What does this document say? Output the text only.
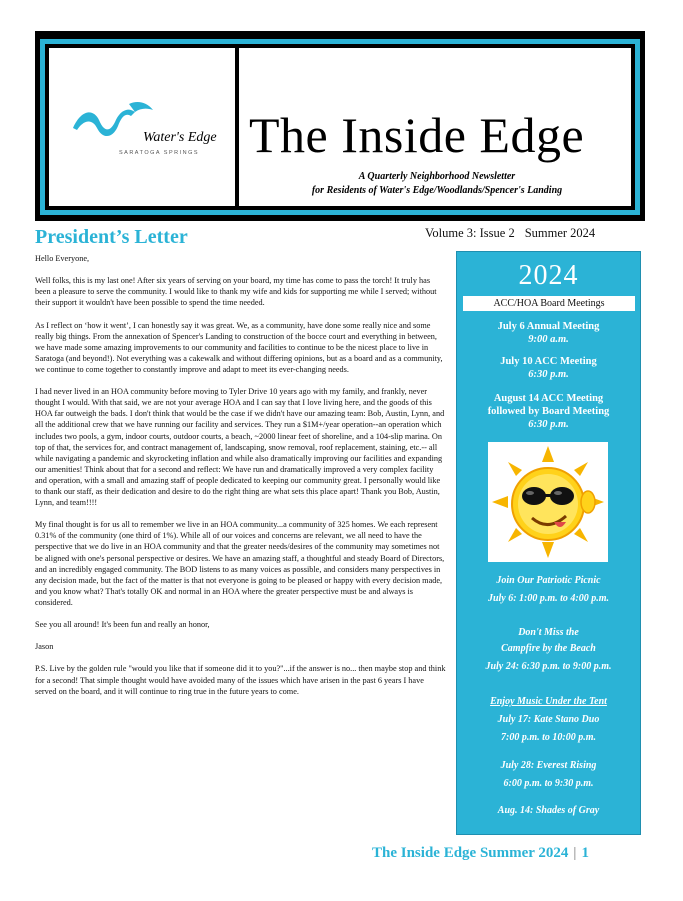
Water's Edge
SARATOGA SPRINGS The Inside Edge
A Quarterly Neighborhood Newsletter
for Residents of Water's Edge/Woodlands/Spencer's Landing
President’s Letter	Volume 3: Issue 2 Summer 2024

Hello Everyone,

Well folks, this is my last one! After six years of serving on your board, my time has come to pass the torch! It truly has been a pleasure to serve the community. I would like to thank my wife and kids for supporting me while I served; without their support it wouldn't have been possible to spend the time needed.

As I reflect on ‘how it went’, I can honestly say it was great. We, as a community, have done some really nice and some really big things. From the annexation of Spencer's Landing to construction of the bocce court and everything in between, we have made some amazing improvements to our community and facilities to continue to be the nicest place to live in Saratoga (and beyond!). Not everything was a cakewalk and without differing opinions, but as a board and as a community, we continue to come together to constantly improve and adapt to meet its ever-changing needs.

I had never lived in an HOA community before moving to Tyler Drive 10 years ago with my family, and frankly, never thought I would. With that said, we are not your average HOA and I can say that I love living here, and the goods of this HOA far outweigh the bads. I don't think that would be the case if we didn't have our amazing team: Bob, Austin, Lynn, and all the additional crew that we have running our facility and services. They run a $1M+/year operation--an operation which includes two pools, a gym, indoor courts, outdoor courts, a beach, ~2000 linear feet of shoreline, and a 104-slip marina. On top of that, the services for, and contract management of, landscaping, snow removal, roof replacement, staining, etc.-- all while navigating a pandemic and skyrocketing inflation and while also dramatically improving our facilities and expanding our amenities! Think about that for a second and reflect: We have run and dramatically improved a very complex facility and operation, with a small and amazing staff of people dedicated to keeping our community great. I personally would like to thank our staff, as their dedication and desire to do the right thing are what sets this place apart! Thank you Bob, Austin, Lynn, and team!!!!

My final thought is for us all to remember we live in an HOA community...a community of 325 homes. We each represent 0.31% of the community (one third of 1%). While all of our voices and concerns are relevant, we all need to have the perspective that we do live in an HOA community and that the greater needs/desires of the community may sometimes not be aligned with one's personal perspective or desires. We have an amazing staff, a thoughtful and steady Board of Directors, and an incredibly engaged community. The BOD listens to as many voices as possible, and considers many perspectives in any decision made, but the fact of the matter is that not everyone is going to be pleased or happy with every decision made, and you know what? That's totally OK and normal in an HOA where the greater perspective must be and always is considered.

See you all around! It's been fun and really an honor,

Jason

P.S. Live by the golden rule "would you like that if someone did it to you?"...if the answer is no... then maybe stop and think for a second! That simple thought would have avoided many of the issues which have arisen in the past 6 years I have served on the board, and it will continue to ring true in the future years to come.

2024
ACC/HOA Board Meetings
July 6 Annual Meeting
9:00 a.m.
July 10 ACC Meeting
6:30 p.m.
August 14 ACC Meeting
followed by Board Meeting
6:30 p.m.
Join Our Patriotic Picnic
July 6: 1:00 p.m. to 4:00 p.m.
Don't Miss the
Campfire by the Beach
July 24: 6:30 p.m. to 9:00 p.m.
Enjoy Music Under the Tent
July 17: Kate Stano Duo
7:00 p.m. to 10:00 p.m.
July 28: Everest Rising
6:00 p.m. to 9:30 p.m.
Aug. 14: Shades of Gray
The Inside Edge Summer 2024 | 1
